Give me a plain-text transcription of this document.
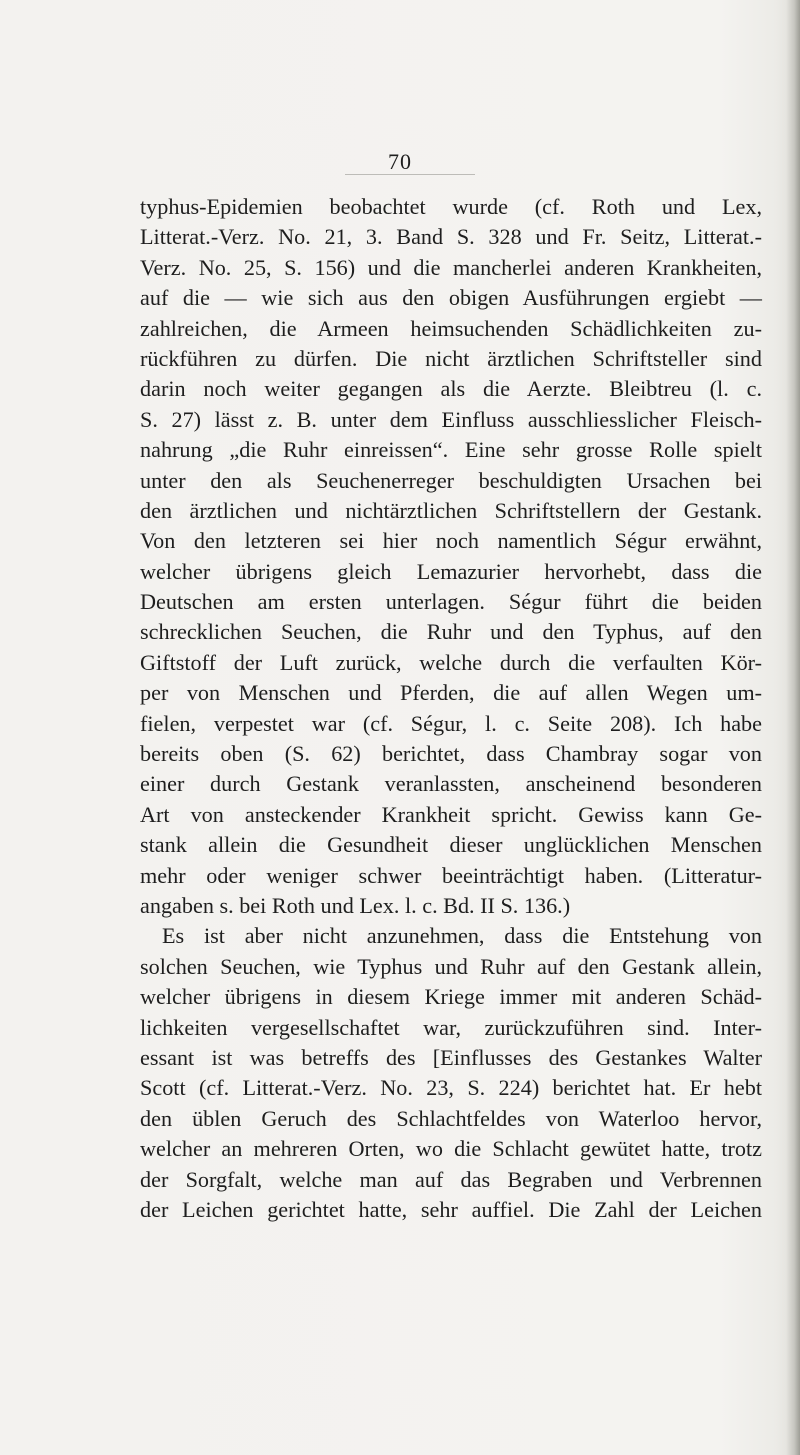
70
typhus-Epidemien beobachtet wurde (cf. Roth und Lex,
Litterat.-Verz. No. 21, 3. Band S. 328 und Fr. Seitz, Litterat.-
Verz. No. 25, S. 156) und die mancherlei anderen Krankheiten,
auf die — wie sich aus den obigen Ausführungen ergiebt —
zahlreichen, die Armeen heimsuchenden Schädlichkeiten zu-
rückführen zu dürfen. Die nicht ärztlichen Schriftsteller sind
darin noch weiter gegangen als die Aerzte. Bleibtreu (l. c.
S. 27) lässt z. B. unter dem Einfluss ausschliesslicher Fleisch-
nahrung „die Ruhr einreissen“. Eine sehr grosse Rolle spielt
unter den als Seuchenerreger beschuldigten Ursachen bei
den ärztlichen und nichtärztlichen Schriftstellern der Gestank.
Von den letzteren sei hier noch namentlich Ségur erwähnt,
welcher übrigens gleich Lemazurier hervorhebt, dass die
Deutschen am ersten unterlagen. Ségur führt die beiden
schrecklichen Seuchen, die Ruhr und den Typhus, auf den
Giftstoff der Luft zurück, welche durch die verfaulten Kör-
per von Menschen und Pferden, die auf allen Wegen um-
fielen, verpestet war (cf. Ségur, l. c. Seite 208). Ich habe
bereits oben (S. 62) berichtet, dass Chambray sogar von
einer durch Gestank veranlassten, anscheinend besonderen
Art von ansteckender Krankheit spricht. Gewiss kann Ge-
stank allein die Gesundheit dieser unglücklichen Menschen
mehr oder weniger schwer beeinträchtigt haben. (Litteratur-
angaben s. bei Roth und Lex. l. c. Bd. II S. 136.)
Es ist aber nicht anzunehmen, dass die Entstehung von
solchen Seuchen, wie Typhus und Ruhr auf den Gestank allein,
welcher übrigens in diesem Kriege immer mit anderen Schäd-
lichkeiten vergesellschaftet war, zurückzuführen sind. Inter-
essant ist was betreffs des [Einflusses des Gestankes Walter
Scott (cf. Litterat.-Verz. No. 23, S. 224) berichtet hat. Er hebt
den üblen Geruch des Schlachtfeldes von Waterloo hervor,
welcher an mehreren Orten, wo die Schlacht gewütet hatte, trotz
der Sorgfalt, welche man auf das Begraben und Verbrennen
der Leichen gerichtet hatte, sehr auffiel. Die Zahl der Leichen
